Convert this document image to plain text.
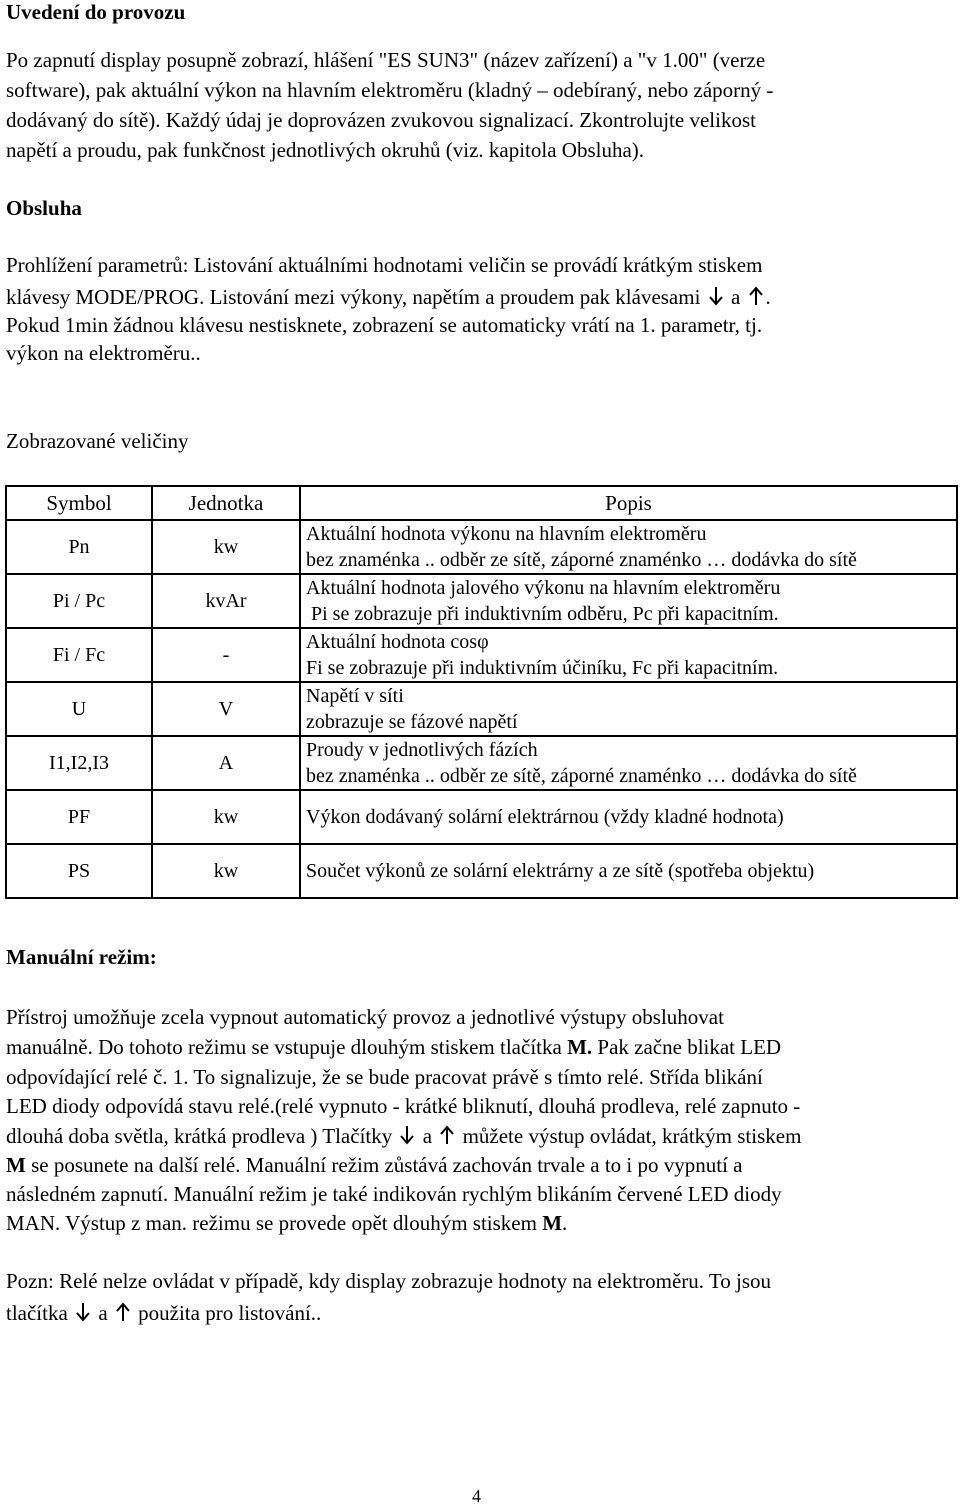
Uvedení do provozu
Po zapnutí display posupně zobrazí, hlášení "ES SUN3" (název zařízení) a "v 1.00" (verze
software), pak aktuální výkon na hlavním elektroměru (kladný – odebíraný, nebo záporný -
dodávaný do sítě). Každý údaj je doprovázen zvukovou signalizací. Zkontrolujte velikost
napětí a proudu, pak funkčnost jednotlivých okruhů (viz. kapitola Obsluha).
Obsluha
Prohlížení parametrů: Listování aktuálními hodnotami veličin se provádí krátkým stiskem
klávesy MODE/PROG. Listování mezi výkony, napětím a proudem pak klávesami  a .
Pokud 1min žádnou klávesu nestisknete, zobrazení se automaticky vrátí na 1. parametr, tj.
výkon na elektroměru..
Zobrazované veličiny
Symbol	Jednotka	Popis
Pn	kw	Aktuální hodnota výkonu na hlavním elektroměru
bez znaménka .. odběr ze sítě, záporné znaménko … dodávka do sítě

Pi / Pc	kvAr	Aktuální hodnota jalového výkonu na hlavním elektroměru
Pi se zobrazuje při induktivním odběru, Pc při kapacitním.

Fi / Fc	-	Aktuální hodnota cosφ
Fi se zobrazuje při induktivním účiníku, Fc při kapacitním.

U	V	Napětí v síti
zobrazuje se fázové napětí

I1,I2,I3	A	Proudy v jednotlivých fázích
bez znaménka .. odběr ze sítě, záporné znaménko … dodávka do sítě

PF	kw	Výkon dodávaný solární elektrárnou (vždy kladné hodnota)
PS	kw	Součet výkonů ze solární elektrárny a ze sítě (spotřeba objektu)
Manuální režim:
Přístroj umožňuje zcela vypnout automatický provoz a jednotlivé výstupy obsluhovat
manuálně. Do tohoto režimu se vstupuje dlouhým stiskem tlačítka M. Pak začne blikat LED
odpovídající relé č. 1. To signalizuje, že se bude pracovat právě s tímto relé. Střída blikání
LED diody odpovídá stavu relé.(relé vypnuto - krátké bliknutí, dlouhá prodleva, relé zapnuto -
dlouhá doba světla, krátká prodleva ) Tlačítky  a  můžete výstup ovládat, krátkým stiskem
M se posunete na další relé. Manuální režim zůstává zachován trvale a to i po vypnutí a
následném zapnutí. Manuální režim je také indikován rychlým blikáním červené LED diody
MAN. Výstup z man. režimu se provede opět dlouhým stiskem M.
Pozn: Relé nelze ovládat v případě, kdy display zobrazuje hodnoty na elektroměru. To jsou
tlačítka  a  použita pro listování..
4
